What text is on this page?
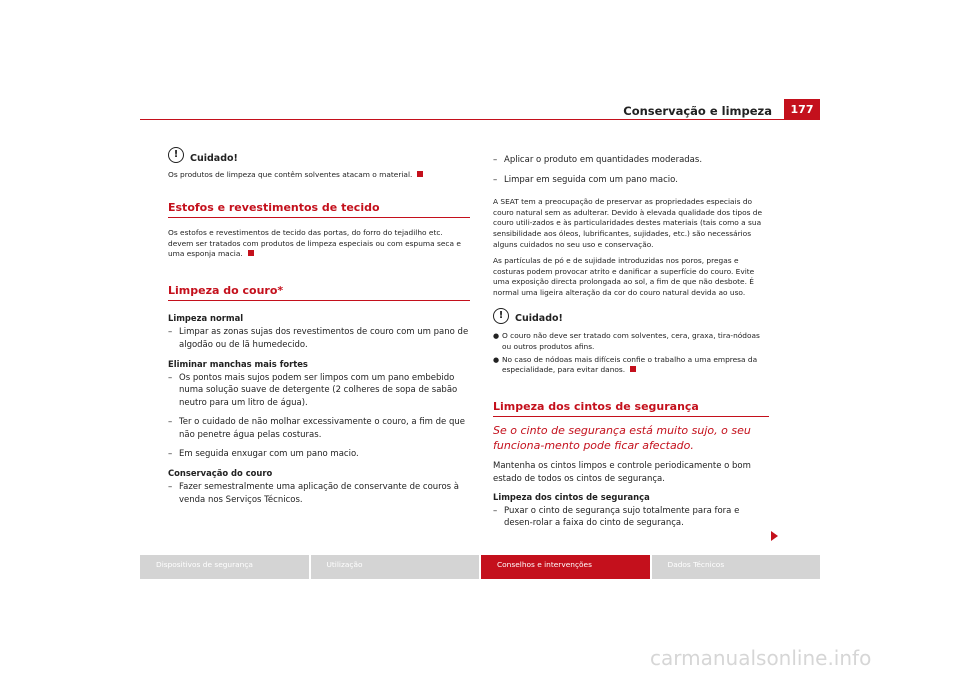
Conservação e limpeza	177
!	Cuidado!

Os produtos de limpeza que contêm solventes atacam o material.

Estofos e revestimentos de tecido

Os estofos e revestimentos de tecido das portas, do forro do tejadilho etc. devem ser tratados com produtos de limpeza especiais ou com espuma seca e uma esponja macia.

Limpeza do couro*

Limpeza normal

– Limpar as zonas sujas dos revestimentos de couro com um pano de algodão ou de lã humedecido.

Eliminar manchas mais fortes

– Os pontos mais sujos podem ser limpos com um pano embebido numa solução suave de detergente (2 colheres de sopa de sabão neutro para um litro de água).
– Ter o cuidado de não molhar excessivamente o couro, a fim de que não penetre água pelas costuras.
– Em seguida enxugar com um pano macio.

Conservação do couro

– Fazer semestralmente uma aplicação de conservante de couros à venda nos Serviços Técnicos.
– Aplicar o produto em quantidades moderadas.
– Limpar em seguida com um pano macio.

A SEAT tem a preocupação de preservar as propriedades especiais do couro natural sem as adulterar. Devido à elevada qualidade dos tipos de couro utili-zados e às particularidades destes materiais (tais como a sua sensibilidade aos óleos, lubrificantes, sujidades, etc.) são necessários alguns cuidados no seu uso e conservação.

As partículas de pó e de sujidade introduzidas nos poros, pregas e costuras podem provocar atrito e danificar a superfície do couro. Evite uma exposição directa prolongada ao sol, a fim de que não desbote. É normal uma ligeira alteração da cor do couro natural devida ao uso.

!	Cuidado!
● O couro não deve ser tratado com solventes, cera, graxa, tira-nódoas ou outros produtos afins.
● No caso de nódoas mais difíceis confie o trabalho a uma empresa da especialidade, para evitar danos.
Limpeza dos cintos de segurança

Se o cinto de segurança está muito sujo, o seu funciona-mento pode ficar afectado.

Mantenha os cintos limpos e controle periodicamente o bom estado de todos os cintos de segurança.

Limpeza dos cintos de segurança

– Puxar o cinto de segurança sujo totalmente para fora e desen-rolar a faixa do cinto de segurança.
Dispositivos de segurança	Utilização	Conselhos e intervenções	Dados Técnicos
carmanualsonline.info
